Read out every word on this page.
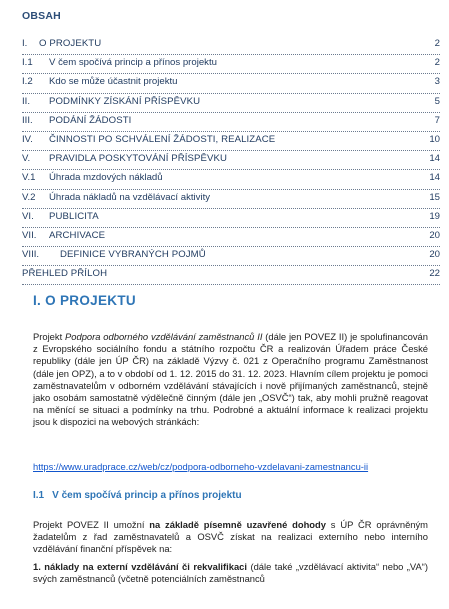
OBSAH
I. O PROJEKTU	2
I.1 V čem spočívá princip a přínos projektu	2
I.2 Kdo se může účastnit projektu	3
II. PODMÍNKY ZÍSKÁNÍ PŘÍSPĚVKU	5
III. PODÁNÍ ŽÁDOSTI	7
IV. ČINNOSTI PO SCHVÁLENÍ ŽÁDOSTI, REALIZACE	10
V. PRAVIDLA POSKYTOVÁNÍ PŘÍSPĚVKU	14
V.1 Úhrada mzdových nákladů	14
V.2 Úhrada nákladů na vzdělávací aktivity	15
VI. PUBLICITA	19
VII. ARCHIVACE	20
VIII. DEFINICE VYBRANÝCH POJMŮ	20
PŘEHLED PŘÍLOH	22
I. O PROJEKTU
Projekt Podpora odborného vzdělávání zaměstnanců II (dále jen POVEZ II) je spolufinancován z Evropského sociálního fondu a státního rozpočtu ČR a realizován Úřadem práce České republiky (dále jen ÚP ČR) na základě Výzvy č. 021 z Operačního programu Zaměstnanost (dále jen OPZ), a to v období od 1. 12. 2015 do 31. 12. 2023. Hlavním cílem projektu je pomoci zaměstnavatelům v odborném vzdělávání stávajících i nově přijímaných zaměstnanců, stejně jako osobám samostatně výdělečně činným (dále jen „OSVČ“) tak, aby mohli pružně reagovat na měnící se situaci a podmínky na trhu. Podrobné a aktuální informace k realizaci projektu jsou k dispozici na webových stránkách:
https://www.uradprace.cz/web/cz/podpora-odborneho-vzdelavani-zamestnancu-ii
I.1 V čem spočívá princip a přínos projektu
Projekt POVEZ II umožní na základě písemně uzavřené dohody s ÚP ČR oprávněným žadatelům z řad zaměstnavatelů a OSVČ získat na realizaci externího nebo interního vzdělávání finanční příspěvek na:
1. náklady na externí vzdělávání či rekvalifikaci (dále také „vzdělávací aktivita“ nebo „VA“) svých zaměstnanců (včetně potenciálních zaměstnanců
